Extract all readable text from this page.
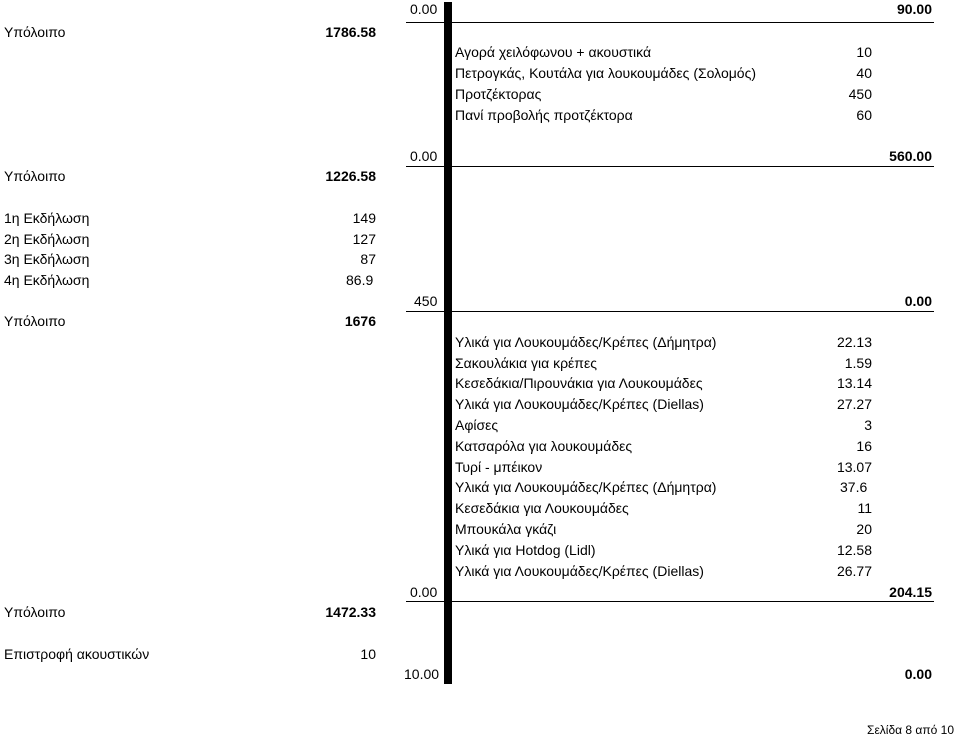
0.00	90.00
Υπόλοιπο	1786.58
Αγορά χειλόφωνου + ακουστικά	10
Πετρογκάς, Κουτάλα για λουκουμάδες (Σολομός)	40
Προτζέκτορας	450
Πανί προβολής προτζέκτορα	60
0.00	560.00
Υπόλοιπο	1226.58
1η Εκδήλωση	149
2η Εκδήλωση	127
3η Εκδήλωση	87
4η Εκδήλωση	86.9
450	0.00
Υπόλοιπο	1676
Υλικά για Λουκουμάδες/Κρέπες (Δήμητρα)	22.13
Σακουλάκια για κρέπες	1.59
Κεσεδάκια/Πιρουνάκια για Λουκουμάδες	13.14
Υλικά για Λουκουμάδες/Κρέπες (Diellas)	27.27
Αφίσες	3
Κατσαρόλα για λουκουμάδες	16
Τυρί - μπέικον	13.07
Υλικά για Λουκουμάδες/Κρέπες (Δήμητρα)	37.6
Κεσεδάκια για Λουκουμάδες	11
Μπουκάλα γκάζι	20
Υλικά για Hotdog (Lidl)	12.58
Υλικά για Λουκουμάδες/Κρέπες (Diellas)	26.77
0.00	204.15
Υπόλοιπο	1472.33
Επιστροφή ακουστικών	10
10.00	0.00
Σελίδα 8 από 10
